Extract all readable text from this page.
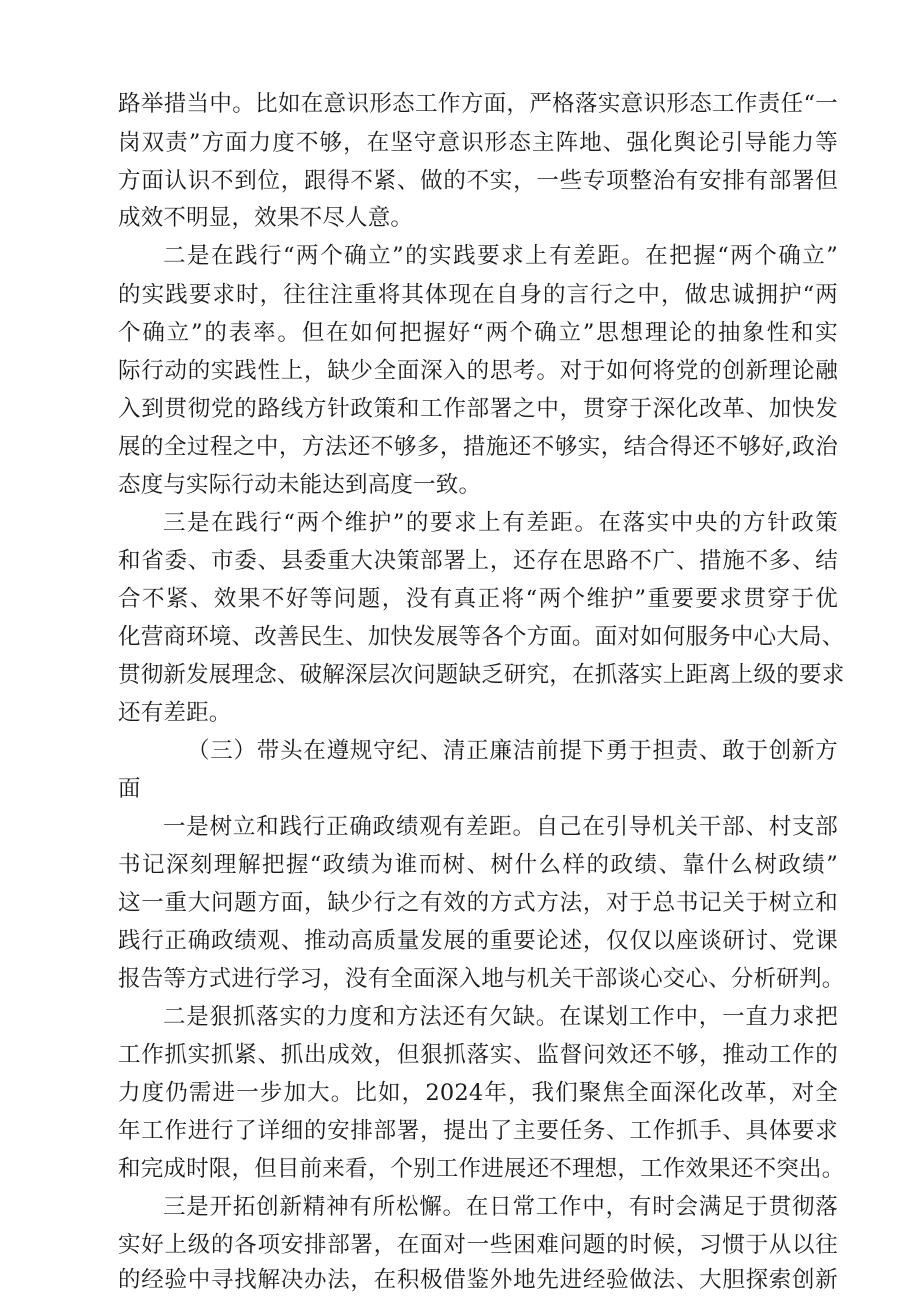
路举措当中。比如在意识形态工作方面，严格落实意识形态工作责任“一
岗双责”方面力度不够，在坚守意识形态主阵地、强化舆论引导能力等
方面认识不到位，跟得不紧、做的不实，一些专项整治有安排有部署但
成效不明显，效果不尽人意。
二是在践行“两个确立”的实践要求上有差距。在把握“两个确立”
的实践要求时，往往注重将其体现在自身的言行之中，做忠诚拥护“两
个确立”的表率。但在如何把握好“两个确立”思想理论的抽象性和实
际行动的实践性上，缺少全面深入的思考。对于如何将党的创新理论融
入到贯彻党的路线方针政策和工作部署之中，贯穿于深化改革、加快发
展的全过程之中，方法还不够多，措施还不够实，结合得还不够好,政治
态度与实际行动未能达到高度一致。
三是在践行“两个维护”的要求上有差距。在落实中央的方针政策
和省委、市委、县委重大决策部署上，还存在思路不广、措施不多、结
合不紧、效果不好等问题，没有真正将“两个维护”重要要求贯穿于优
化营商环境、改善民生、加快发展等各个方面。面对如何服务中心大局、
贯彻新发展理念、破解深层次问题缺乏研究，在抓落实上距离上级的要求
还有差距。
（三）带头在遵规守纪、清正廉洁前提下勇于担责、敢于创新方
面
一是树立和践行正确政绩观有差距。自己在引导机关干部、村支部
书记深刻理解把握“政绩为谁而树、树什么样的政绩、靠什么树政绩”
这一重大问题方面，缺少行之有效的方式方法，对于总书记关于树立和
践行正确政绩观、推动高质量发展的重要论述，仅仅以座谈研讨、党课
报告等方式进行学习，没有全面深入地与机关干部谈心交心、分析研判。
二是狠抓落实的力度和方法还有欠缺。在谋划工作中，一直力求把
工作抓实抓紧、抓出成效，但狠抓落实、监督问效还不够，推动工作的
力度仍需进一步加大。比如，2024年，我们聚焦全面深化改革，对全
年工作进行了详细的安排部署，提出了主要任务、工作抓手、具体要求
和完成时限，但目前来看，个别工作进展还不理想，工作效果还不突出。
三是开拓创新精神有所松懈。在日常工作中，有时会满足于贯彻落
实好上级的各项安排部署，在面对一些困难问题的时候，习惯于从以往
的经验中寻找解决办法，在积极借鉴外地先进经验做法、大胆探索创新
